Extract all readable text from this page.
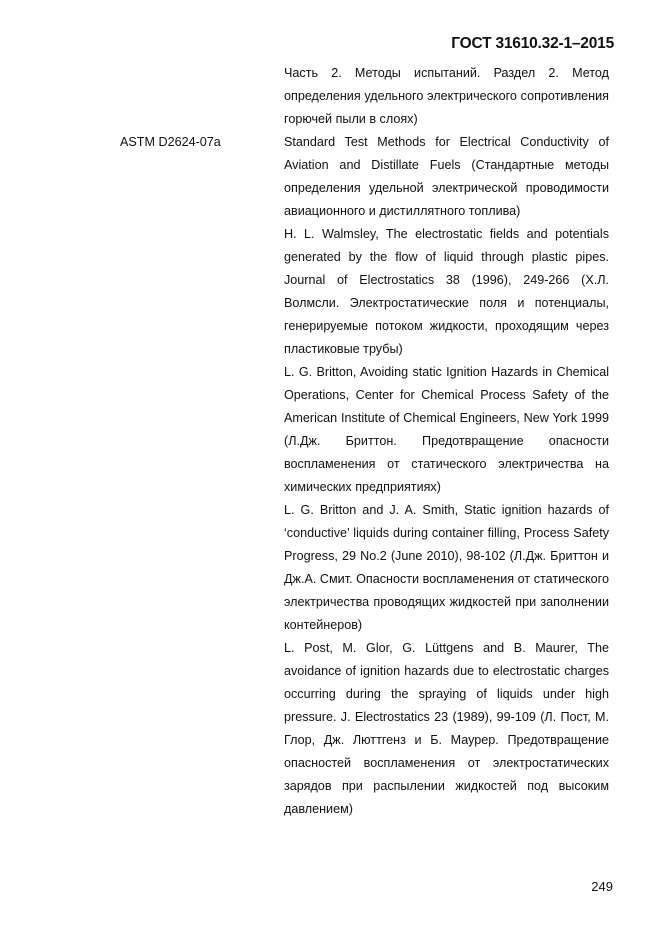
ГОСТ 31610.32-1–2015
ASTM D2624-07a

Часть 2. Методы испытаний. Раздел 2. Метод определения удельного электрического сопротивления горючей пыли в слоях)

Standard Test Methods for Electrical Conductivity of Aviation and Distillate Fuels (Стандартные методы определения удельной электрической проводимости авиационного и дистиллятного топлива)

H. L. Walmsley, The electrostatic fields and potentials generated by the flow of liquid through plastic pipes. Journal of Electrostatics 38 (1996), 249-266 (Х.Л. Волмсли. Электростатические поля и потенциалы, генерируемые потоком жидкости, проходящим через пластиковые трубы)

L. G. Britton, Avoiding static Ignition Hazards in Chemical Operations, Center for Chemical Process Safety of the American Institute of Chemical Engineers, New York 1999 (Л.Дж. Бриттон. Предотвращение опасности воспламенения от статического электричества на химических предприятиях)

L. G. Britton and J. A. Smith, Static ignition hazards of ‘conductive’ liquids during container filling, Process Safety Progress, 29 No.2 (June 2010), 98-102 (Л.Дж. Бриттон и Дж.А. Смит. Опасности воспламенения от статического электричества проводящих жидкостей при заполнении контейнеров)

L. Post, M. Glor, G. Lüttgens and B. Maurer, The avoidance of ignition hazards due to electrostatic charges occurring during the spraying of liquids under high pressure. J. Electrostatics 23 (1989), 99-109 (Л. Пост, М. Глор, Дж. Люттгенз и Б. Маурер. Предотвращение опасностей воспламенения от электростатических зарядов при распылении жидкостей под высоким давлением)

249
